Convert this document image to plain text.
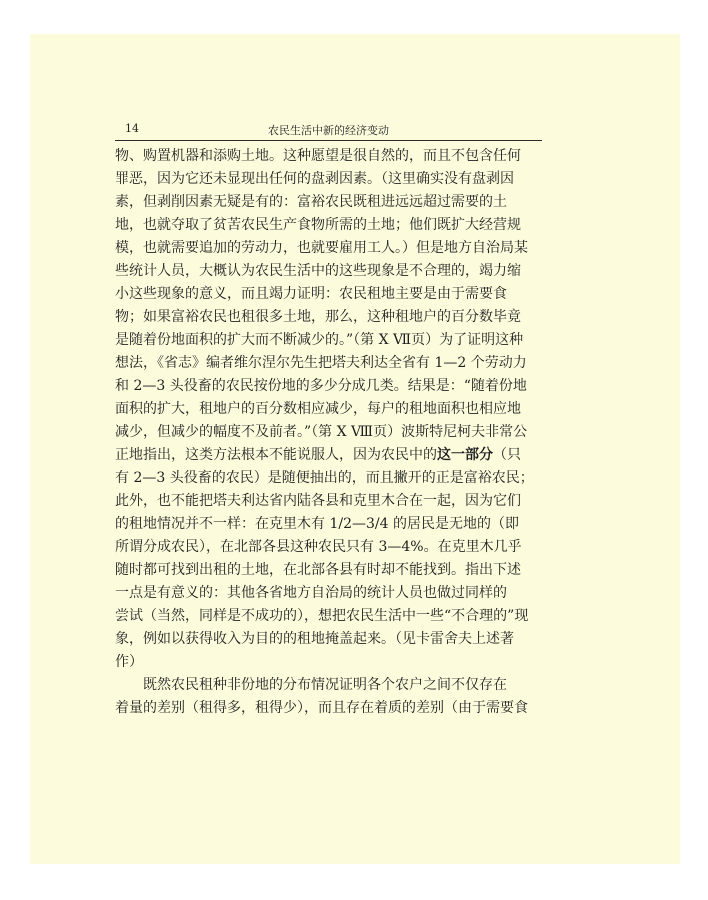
14	农民生活中新的经济变动

物、购置机器和添购土地。这种愿望是很自然的，而且不包含任何
罪恶，因为它还未显现出任何的盘剥因素。（这里确实没有盘剥因
素，但剥削因素无疑是有的：富裕农民既租进远远超过需要的土
地，也就夺取了贫苦农民生产食物所需的土地；他们既扩大经营规
模，也就需要追加的劳动力，也就要雇用工人。）但是地方自治局某
些统计人员，大概认为农民生活中的这些现象是不合理的，竭力缩
小这些现象的意义，而且竭力证明：农民租地主要是由于需要食
物；如果富裕农民也租很多土地，那么，这种租地户的百分数毕竟
是随着份地面积的扩大而不断减少的。”（第 X Ⅶ页）为了证明这种
想法，《省志》编者维尔涅尔先生把塔夫利达全省有 1—2 个劳动力
和 2—3 头役畜的农民按份地的多少分成几类。结果是：“随着份地
面积的扩大，租地户的百分数相应减少，每户的租地面积也相应地
减少，但减少的幅度不及前者。”（第 X Ⅷ页）波斯特尼柯夫非常公
正地指出，这类方法根本不能说服人，因为农民中的这一部分（只
有 2—3 头役畜的农民）是随便抽出的，而且撇开的正是富裕农民；
此外，也不能把塔夫利达省内陆各县和克里木合在一起，因为它们
的租地情况并不一样：在克里木有 1/2—3/4 的居民是无地的（即
所谓分成农民），在北部各县这种农民只有 3—4%。在克里木几乎
随时都可找到出租的土地，在北部各县有时却不能找到。指出下述
一点是有意义的：其他各省地方自治局的统计人员也做过同样的
尝试（当然，同样是不成功的），想把农民生活中一些“不合理的”现
象，例如以获得收入为目的的租地掩盖起来。（见卡雷舍夫上述著
作）

既然农民租种非份地的分布情况证明各个农户之间不仅存在
着量的差别（租得多，租得少），而且存在着质的差别（由于需要食
